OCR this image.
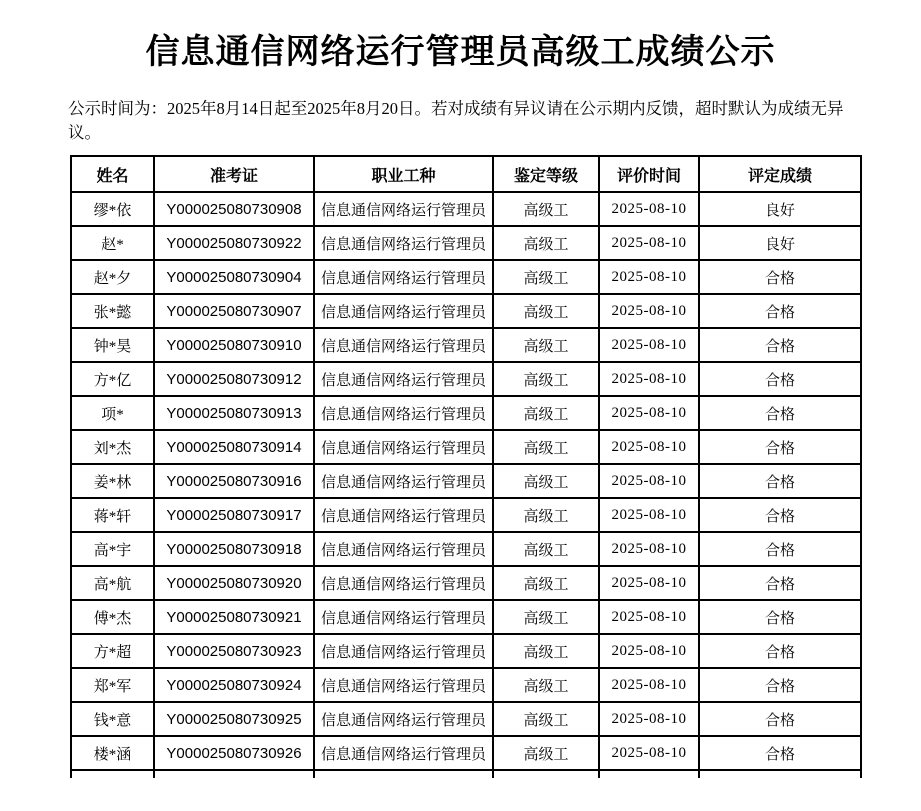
信息通信网络运行管理员高级工成绩公示

公示时间为：2025年8月14日起至2025年8月20日。若对成绩有异议请在公示期内反馈，超时默认为成绩无异议。

姓名	准考证	职业工种	鉴定等级	评价时间	评定成绩
缪*依	Y000025080730908	信息通信网络运行管理员	高级工	2025-08-10	良好
赵*	Y000025080730922	信息通信网络运行管理员	高级工	2025-08-10	良好
赵*夕	Y000025080730904	信息通信网络运行管理员	高级工	2025-08-10	合格
张*懿	Y000025080730907	信息通信网络运行管理员	高级工	2025-08-10	合格
钟*昊	Y000025080730910	信息通信网络运行管理员	高级工	2025-08-10	合格
方*亿	Y000025080730912	信息通信网络运行管理员	高级工	2025-08-10	合格
项*	Y000025080730913	信息通信网络运行管理员	高级工	2025-08-10	合格
刘*杰	Y000025080730914	信息通信网络运行管理员	高级工	2025-08-10	合格
姜*林	Y000025080730916	信息通信网络运行管理员	高级工	2025-08-10	合格
蒋*轩	Y000025080730917	信息通信网络运行管理员	高级工	2025-08-10	合格
高*宇	Y000025080730918	信息通信网络运行管理员	高级工	2025-08-10	合格
高*航	Y000025080730920	信息通信网络运行管理员	高级工	2025-08-10	合格
傅*杰	Y000025080730921	信息通信网络运行管理员	高级工	2025-08-10	合格
方*超	Y000025080730923	信息通信网络运行管理员	高级工	2025-08-10	合格
郑*军	Y000025080730924	信息通信网络运行管理员	高级工	2025-08-10	合格
钱*意	Y000025080730925	信息通信网络运行管理员	高级工	2025-08-10	合格
楼*涵	Y000025080730926	信息通信网络运行管理员	高级工	2025-08-10	合格
